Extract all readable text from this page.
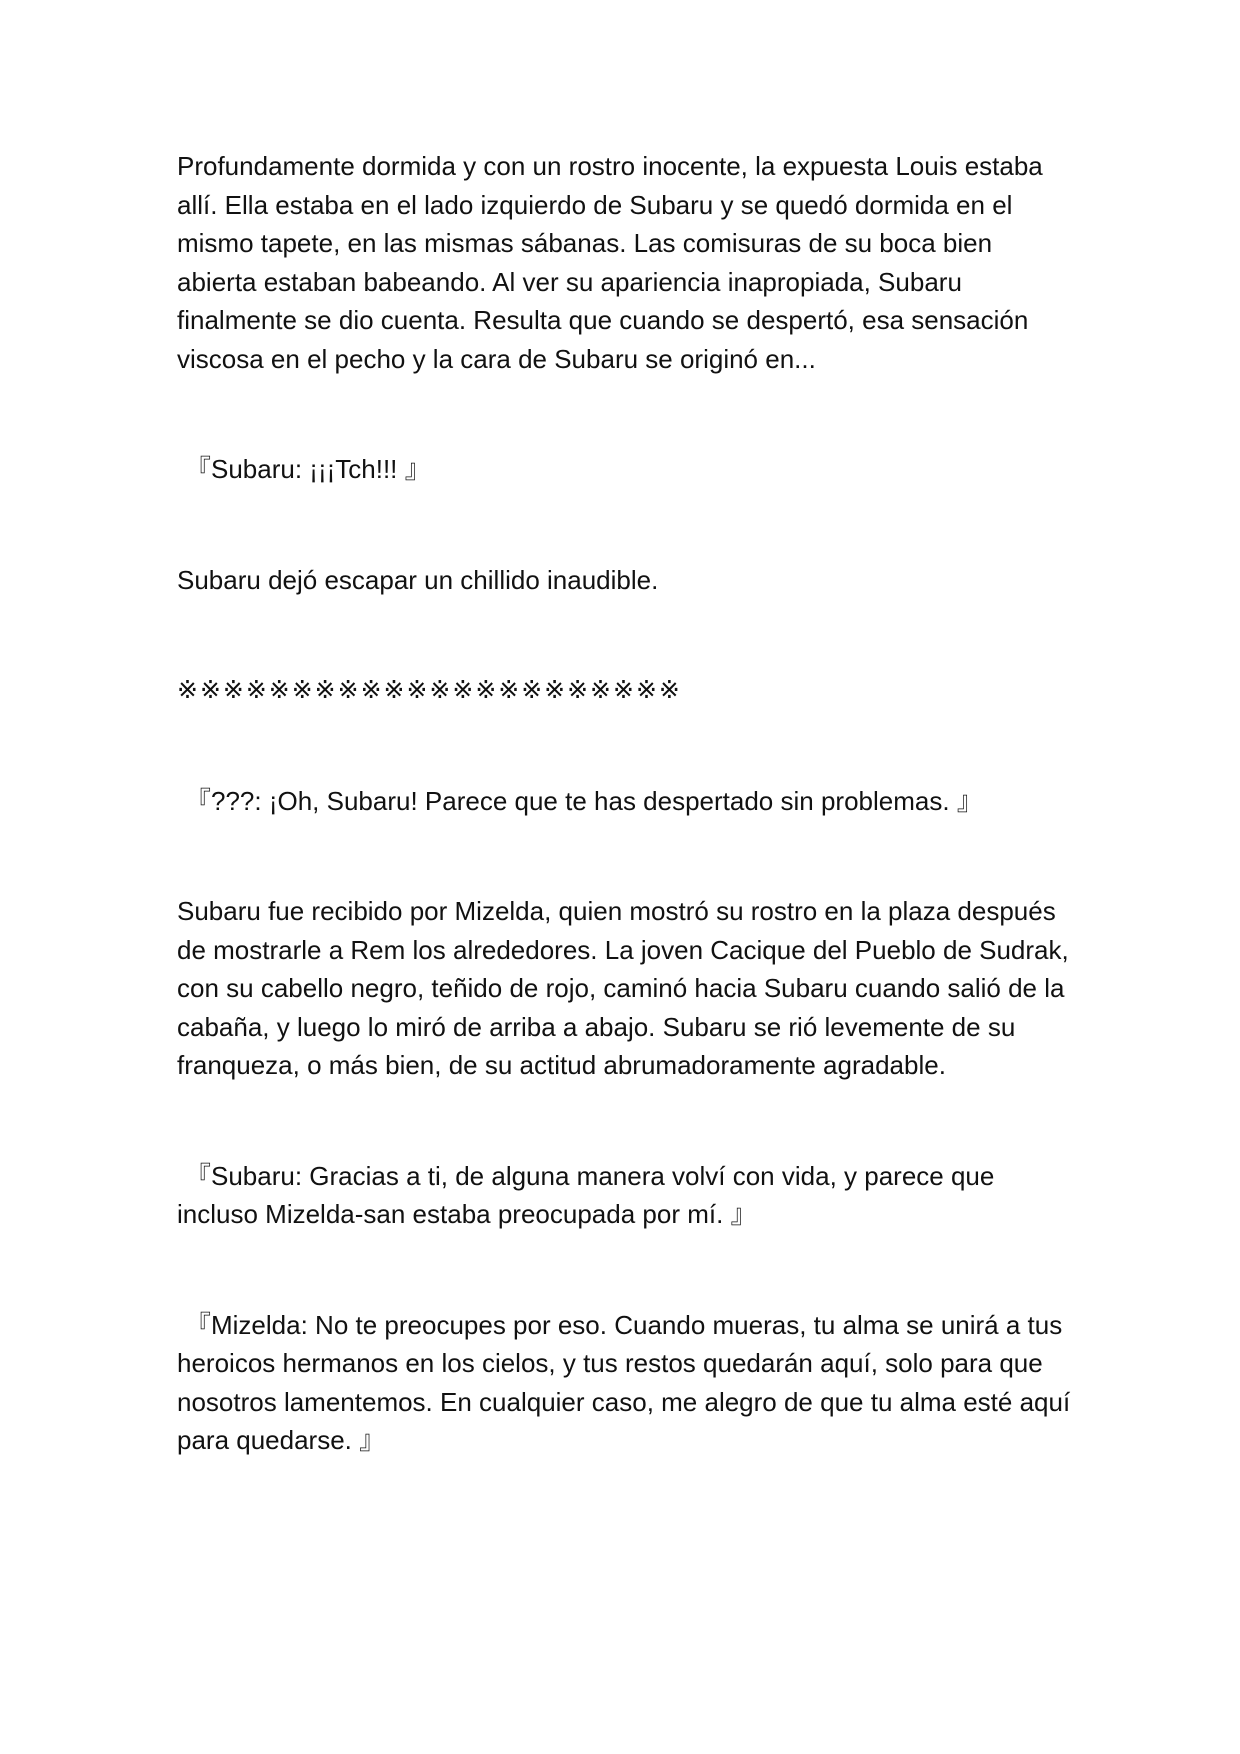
Profundamente dormida y con un rostro inocente, la expuesta Louis estaba allí. Ella estaba en el lado izquierdo de Subaru y se quedó dormida en el mismo tapete, en las mismas sábanas. Las comisuras de su boca bien abierta estaban babeando. Al ver su apariencia inapropiada, Subaru finalmente se dio cuenta. Resulta que cuando se despertó, esa sensación viscosa en el pecho y la cara de Subaru se originó en...

『Subaru: ¡¡¡Tch!!! 』

Subaru dejó escapar un chillido inaudible.

※※※※※※※※※※※※※※※※※※※※※※

『???: ¡Oh, Subaru! Parece que te has despertado sin problemas. 』

Subaru fue recibido por Mizelda, quien mostró su rostro en la plaza después de mostrarle a Rem los alrededores. La joven Cacique del Pueblo de Sudrak, con su cabello negro, teñido de rojo, caminó hacia Subaru cuando salió de la cabaña, y luego lo miró de arriba a abajo. Subaru se rió levemente de su franqueza, o más bien, de su actitud abrumadoramente agradable.

『Subaru: Gracias a ti, de alguna manera volví con vida, y parece que incluso Mizelda-san estaba preocupada por mí. 』

『Mizelda: No te preocupes por eso. Cuando mueras, tu alma se unirá a tus heroicos hermanos en los cielos, y tus restos quedarán aquí, solo para que nosotros lamentemos. En cualquier caso, me alegro de que tu alma esté aquí para quedarse. 』
